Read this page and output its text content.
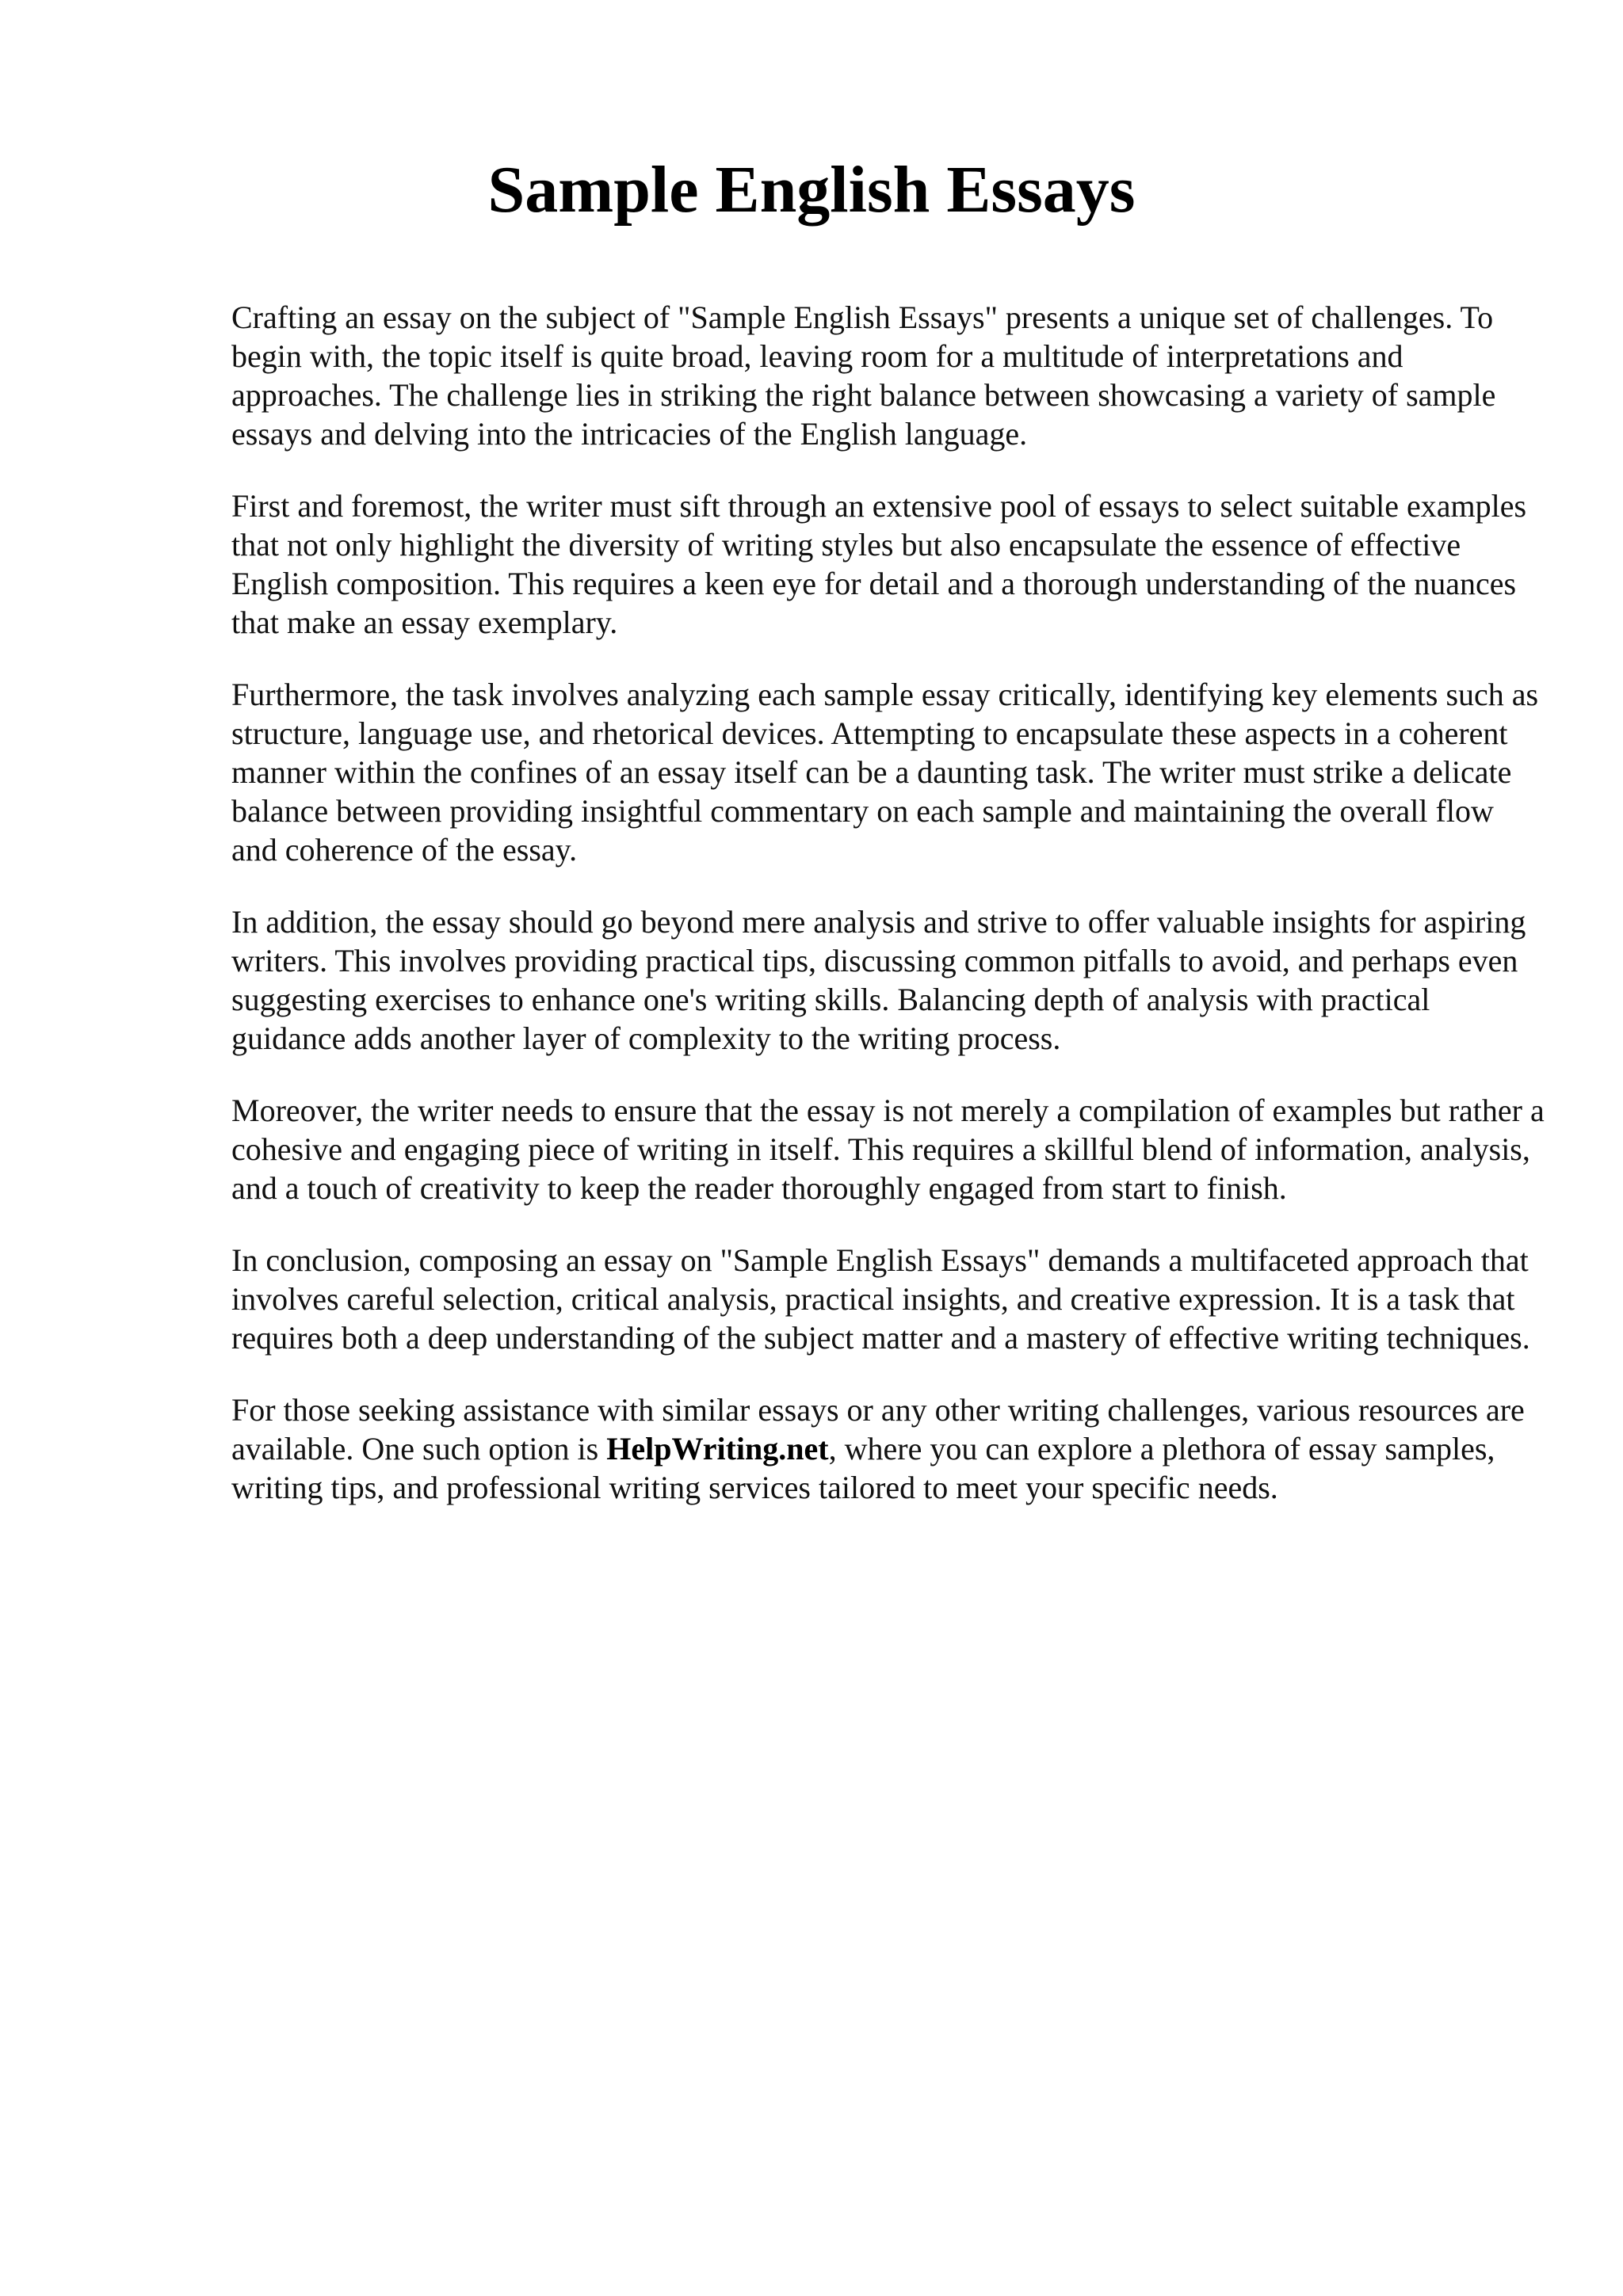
Sample English Essays

Crafting an essay on the subject of "Sample English Essays" presents a unique set of challenges. To begin with, the topic itself is quite broad, leaving room for a multitude of interpretations and approaches. The challenge lies in striking the right balance between showcasing a variety of sample essays and delving into the intricacies of the English language.

First and foremost, the writer must sift through an extensive pool of essays to select suitable examples that not only highlight the diversity of writing styles but also encapsulate the essence of effective English composition. This requires a keen eye for detail and a thorough understanding of the nuances that make an essay exemplary.

Furthermore, the task involves analyzing each sample essay critically, identifying key elements such as structure, language use, and rhetorical devices. Attempting to encapsulate these aspects in a coherent manner within the confines of an essay itself can be a daunting task. The writer must strike a delicate balance between providing insightful commentary on each sample and maintaining the overall flow and coherence of the essay.

In addition, the essay should go beyond mere analysis and strive to offer valuable insights for aspiring writers. This involves providing practical tips, discussing common pitfalls to avoid, and perhaps even suggesting exercises to enhance one's writing skills. Balancing depth of analysis with practical guidance adds another layer of complexity to the writing process.

Moreover, the writer needs to ensure that the essay is not merely a compilation of examples but rather a cohesive and engaging piece of writing in itself. This requires a skillful blend of information, analysis, and a touch of creativity to keep the reader thoroughly engaged from start to finish.

In conclusion, composing an essay on "Sample English Essays" demands a multifaceted approach that involves careful selection, critical analysis, practical insights, and creative expression. It is a task that requires both a deep understanding of the subject matter and a mastery of effective writing techniques.

For those seeking assistance with similar essays or any other writing challenges, various resources are available. One such option is HelpWriting.net, where you can explore a plethora of essay samples, writing tips, and professional writing services tailored to meet your specific needs.
